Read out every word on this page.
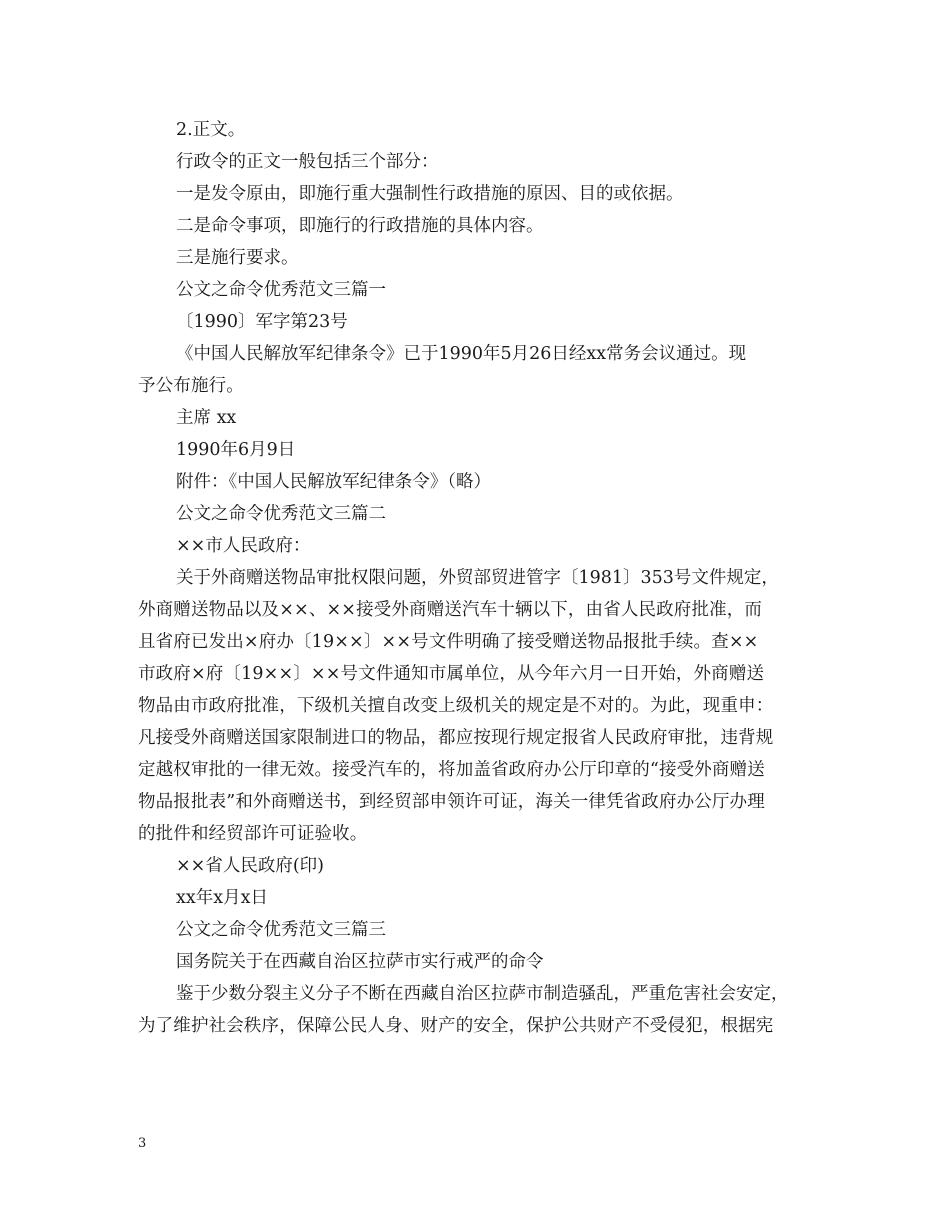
2.正文。
行政令的正文一般包括三个部分：
一是发令原由，即施行重大强制性行政措施的原因、目的或依据。
二是命令事项，即施行的行政措施的具体内容。
三是施行要求。
公文之命令优秀范文三篇一
〔1990〕军字第23号
《中国人民解放军纪律条令》已于1990年5月26日经xx常务会议通过。现
予公布施行。
主席 xx
1990年6月9日
附件：《中国人民解放军纪律条令》（略）
公文之命令优秀范文三篇二
××市人民政府：
关于外商赠送物品审批权限问题，外贸部贸进管字〔1981〕353号文件规定，
外商赠送物品以及××、××接受外商赠送汽车十辆以下，由省人民政府批准，而
且省府已发出×府办〔19××〕××号文件明确了接受赠送物品报批手续。查××
市政府×府〔19××〕××号文件通知市属单位，从今年六月一日开始，外商赠送
物品由市政府批准，下级机关擅自改变上级机关的规定是不对的。为此，现重申：
凡接受外商赠送国家限制进口的物品，都应按现行规定报省人民政府审批，违背规
定越权审批的一律无效。接受汽车的，将加盖省政府办公厅印章的“接受外商赠送
物品报批表”和外商赠送书，到经贸部申领许可证，海关一律凭省政府办公厅办理
的批件和经贸部许可证验收。
××省人民政府(印)
xx年x月x日
公文之命令优秀范文三篇三
国务院关于在西藏自治区拉萨市实行戒严的命令
鉴于少数分裂主义分子不断在西藏自治区拉萨市制造骚乱，严重危害社会安定，
为了维护社会秩序，保障公民人身、财产的安全，保护公共财产不受侵犯，根据宪
3
